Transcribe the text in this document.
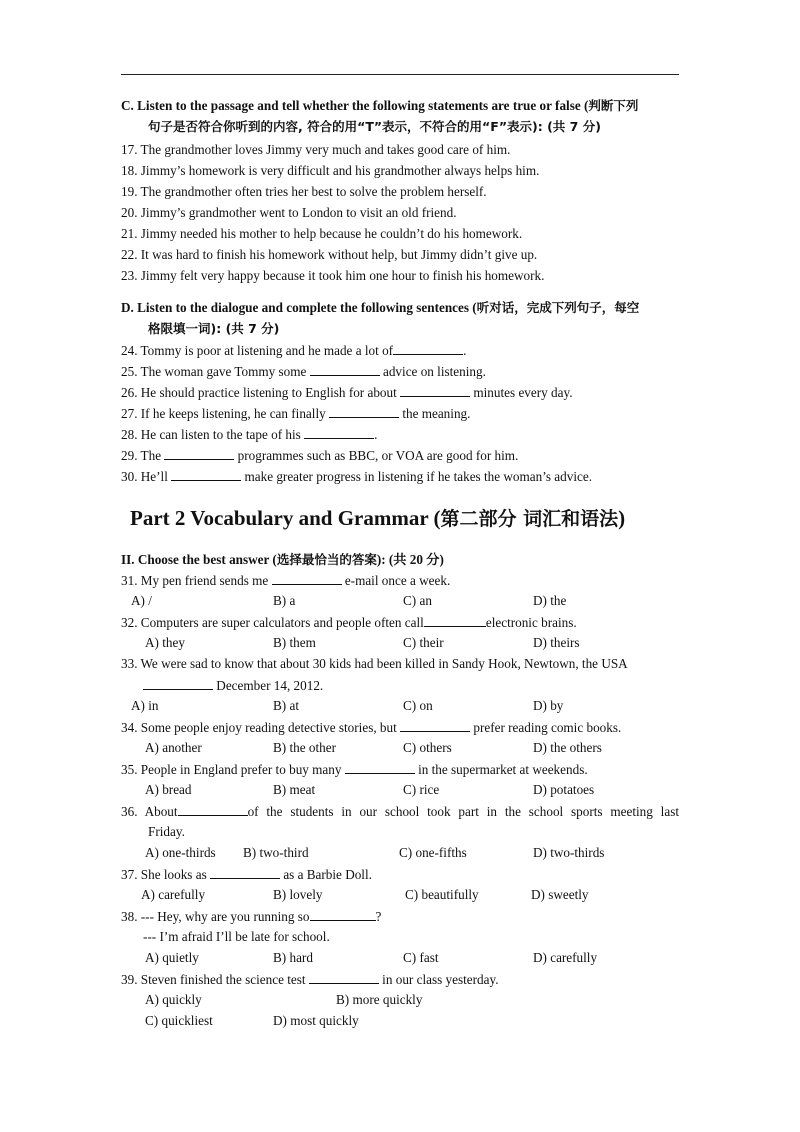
C. Listen to the passage and tell whether the following statements are true or false (判断下列
句子是否符合你听到的内容, 符合的用“T”表示，不符合的用“F”表示): (共 7 分)
17. The grandmother loves Jimmy very much and takes good care of him.
18. Jimmy’s homework is very difficult and his grandmother always helps him.
19. The grandmother often tries her best to solve the problem herself.
20. Jimmy’s grandmother went to London to visit an old friend.
21. Jimmy needed his mother to help because he couldn’t do his homework.
22. It was hard to finish his homework without help, but Jimmy didn’t give up.
23. Jimmy felt very happy because it took him one hour to finish his homework.
D. Listen to the dialogue and complete the following sentences (听对话，完成下列句子，每空
格限填一词): (共 7 分)
24. Tommy is poor at listening and he made a lot of	.
25. The woman gave Tommy some	advice on listening.
26. He should practice listening to English for about	minutes every day.
27. If he keeps listening, he can finally	the meaning.
28. He can listen to the tape of his	.
29. The	programmes such as BBC, or VOA are good for him.
30. He’ll	make greater progress in listening if he takes the woman’s advice.
Part 2 Vocabulary and Grammar (第二部分 词汇和语法)
II. Choose the best answer (选择最恰当的答案): (共 20 分)
31. My pen friend sends me	e-mail once a week.
A) /	B) a	C) an	D) the
32. Computers are super calculators and people often call	electronic brains.
A) they	B) them	C) their	D) theirs
33. We were sad to know that about 30 kids had been killed in Sandy Hook, Newtown, the USA
December 14, 2012.
A) in	B) at	C) on	D) by
34. Some people enjoy reading detective stories, but	prefer reading comic books.
A) another	B) the other	C) others	D) the others
35. People in England prefer to buy many	in the supermarket at weekends.
A) bread	B) meat	C) rice	D) potatoes
36. About	of the students in our school took part in the school sports meeting last
Friday.
A) one-thirds B) two-third	C) one-fifths	D) two-thirds
37. She looks as	as a Barbie Doll.
A) carefully	B) lovely	C) beautifully	D) sweetly
38. --- Hey, why are you running so	?
--- I’m afraid I’ll be late for school.
A) quietly	B) hard	C) fast	D) carefully
39. Steven finished the science test	in our class yesterday.
A) quickly	B) more quickly
C) quickliest	D) most quickly
